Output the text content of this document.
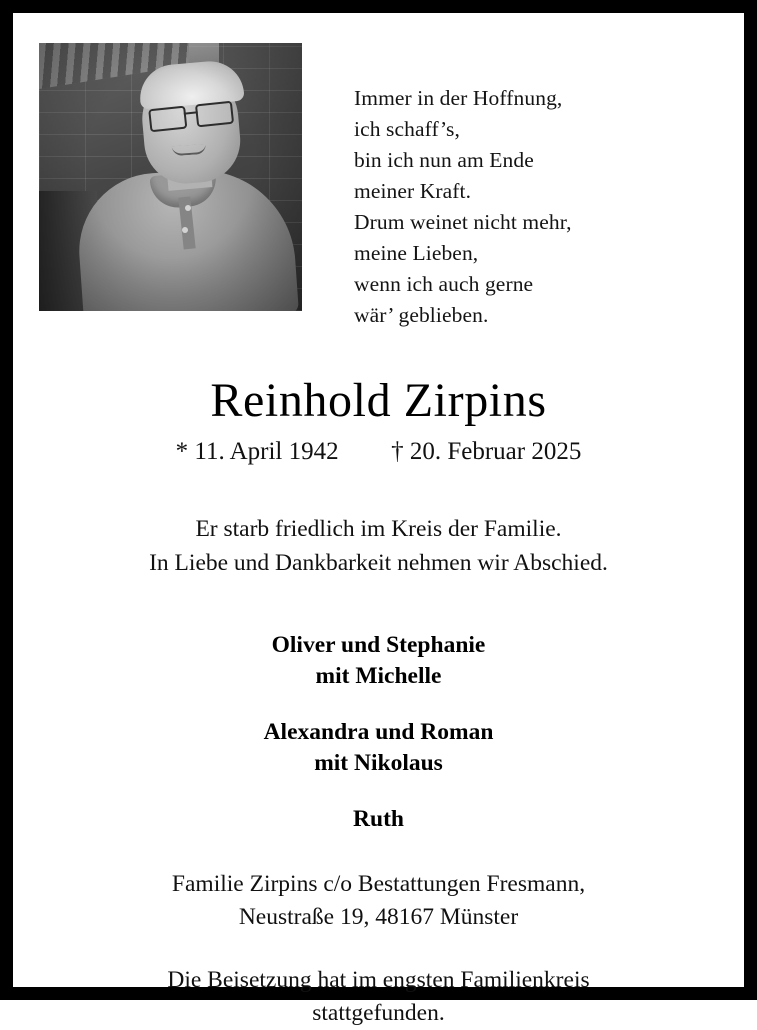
Immer in der Hoffnung,
ich schaff’s,
bin ich nun am Ende
meiner Kraft.
Drum weinet nicht mehr,
meine Lieben,
wenn ich auch gerne
wär’ geblieben.
Reinhold Zirpins
* 11. April 1942 † 20. Februar 2025
Er starb friedlich im Kreis der Familie.
In Liebe und Dankbarkeit nehmen wir Abschied.
Oliver und Stephanie
mit Michelle
Alexandra und Roman
mit Nikolaus
Ruth
Familie Zirpins c/o Bestattungen Fresmann,
Neustraße 19, 48167 Münster
Die Beisetzung hat im engsten Familienkreis
stattgefunden.
